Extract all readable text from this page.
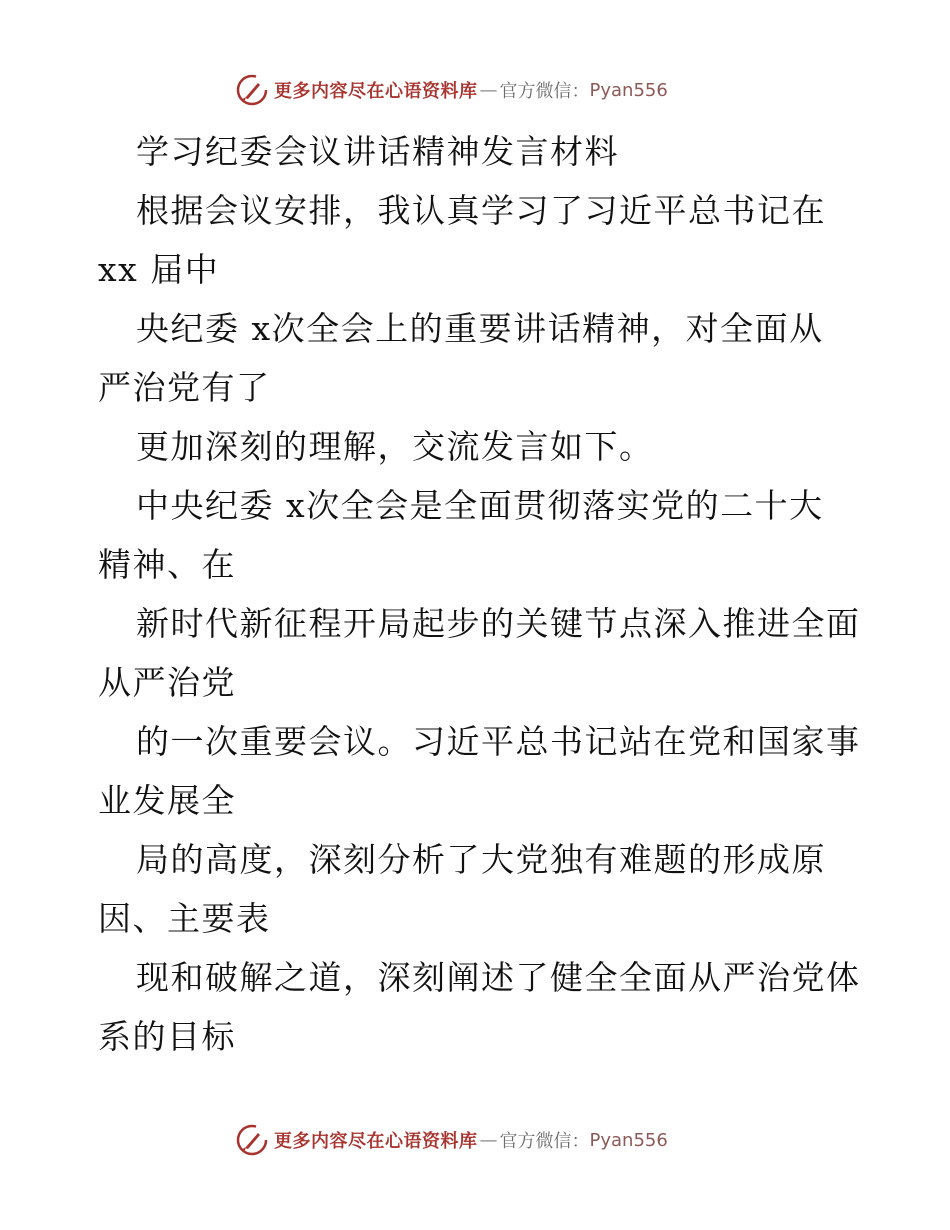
更多内容尽在心语资料库 — 官方微信： Pyan556
学习纪委会议讲话精神发言材料
根据会议安排，我认真学习了习近平总书记在
xx 届中
央纪委 x次全会上的重要讲话精神，对全面从
严治党有了
更加深刻的理解，交流发言如下。
中央纪委 x次全会是全面贯彻落实党的二十大
精神、在
新时代新征程开局起步的关键节点深入推进全面
从严治党
的一次重要会议。习近平总书记站在党和国家事
业发展全
局的高度，深刻分析了大党独有难题的形成原
因、主要表
现和破解之道，深刻阐述了健全全面从严治党体
系的目标
更多内容尽在心语资料库 — 官方微信： Pyan556
